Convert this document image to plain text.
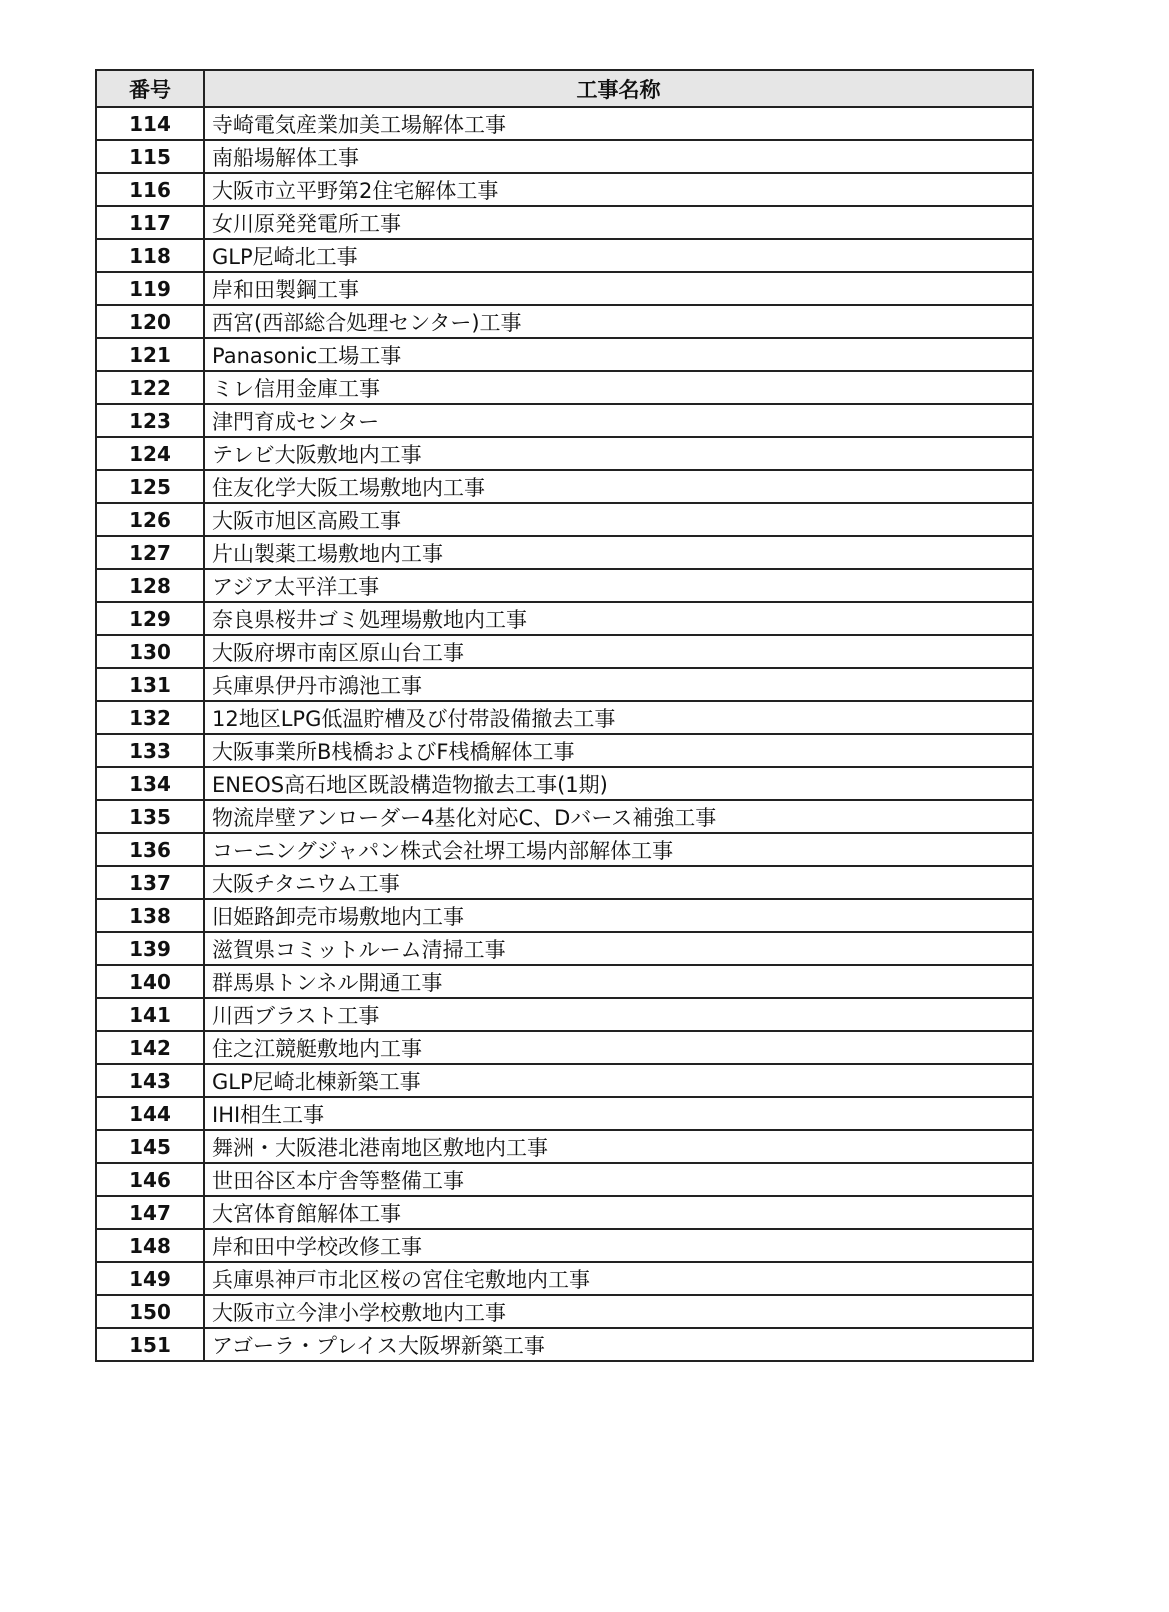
番号	工事名称
114	寺崎電気産業加美工場解体工事
115	南船場解体工事
116	大阪市立平野第2住宅解体工事
117	女川原発発電所工事
118	GLP尼崎北工事
119	岸和田製鋼工事
120	西宮(西部総合処理センター)工事
121	Panasonic工場工事
122	ミレ信用金庫工事
123	津門育成センター
124	テレビ大阪敷地内工事
125	住友化学大阪工場敷地内工事
126	大阪市旭区高殿工事
127	片山製薬工場敷地内工事
128	アジア太平洋工事
129	奈良県桜井ゴミ処理場敷地内工事
130	大阪府堺市南区原山台工事
131	兵庫県伊丹市鴻池工事
132	12地区LPG低温貯槽及び付帯設備撤去工事
133	大阪事業所B桟橋およびF桟橋解体工事
134	ENEOS高石地区既設構造物撤去工事(1期)
135	物流岸壁アンローダー4基化対応C、Dバース補強工事
136	コーニングジャパン株式会社堺工場内部解体工事
137	大阪チタニウム工事
138	旧姫路卸売市場敷地内工事
139	滋賀県コミットルーム清掃工事
140	群馬県トンネル開通工事
141	川西ブラスト工事
142	住之江競艇敷地内工事
143	GLP尼崎北棟新築工事
144	IHI相生工事
145	舞洲・大阪港北港南地区敷地内工事
146	世田谷区本庁舎等整備工事
147	大宮体育館解体工事
148	岸和田中学校改修工事
149	兵庫県神戸市北区桜の宮住宅敷地内工事
150	大阪市立今津小学校敷地内工事
151	アゴーラ・プレイス大阪堺新築工事
